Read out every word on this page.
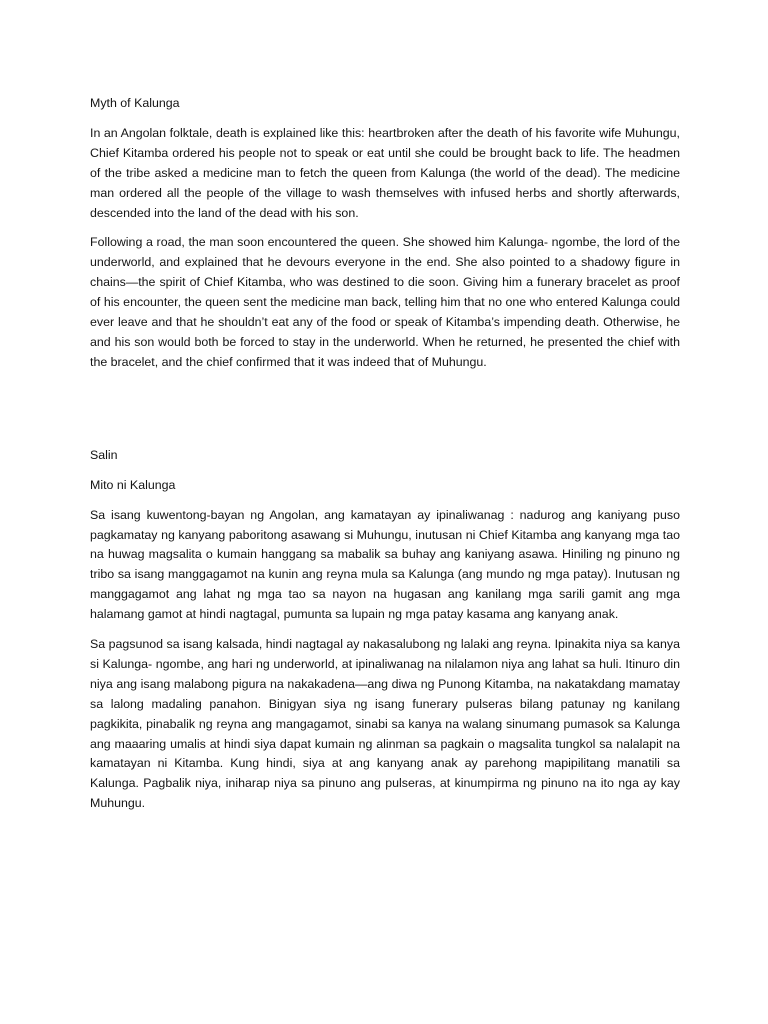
Myth of Kalunga

In an Angolan folktale, death is explained like this: heartbroken after the death of his favorite wife Muhungu, Chief Kitamba ordered his people not to speak or eat until she could be brought back to life. The headmen of the tribe asked a medicine man to fetch the queen from Kalunga (the world of the dead). The medicine man ordered all the people of the village to wash themselves with infused herbs and shortly afterwards, descended into the land of the dead with his son.

Following a road, the man soon encountered the queen. She showed him Kalunga- ngombe, the lord of the underworld, and explained that he devours everyone in the end. She also pointed to a shadowy figure in chains—the spirit of Chief Kitamba, who was destined to die soon. Giving him a funerary bracelet as proof of his encounter, the queen sent the medicine man back, telling him that no one who entered Kalunga could ever leave and that he shouldn’t eat any of the food or speak of Kitamba’s impending death. Otherwise, he and his son would both be forced to stay in the underworld. When he returned, he presented the chief with the bracelet, and the chief confirmed that it was indeed that of Muhungu.

Salin

Mito ni Kalunga

Sa isang kuwentong-bayan ng Angolan, ang kamatayan ay ipinaliwanag : nadurog ang kaniyang puso pagkamatay ng kanyang paboritong asawang si Muhungu, inutusan ni Chief Kitamba ang kanyang mga tao na huwag magsalita o kumain hanggang sa mabalik sa buhay ang kaniyang asawa. Hiniling ng pinuno ng tribo sa isang manggagamot na kunin ang reyna mula sa Kalunga (ang mundo ng mga patay). Inutusan ng manggagamot ang lahat ng mga tao sa nayon na hugasan ang kanilang mga sarili gamit ang mga halamang gamot at hindi nagtagal, pumunta sa lupain ng mga patay kasama ang kanyang anak.

Sa pagsunod sa isang kalsada, hindi nagtagal ay nakasalubong ng lalaki ang reyna. Ipinakita niya sa kanya si Kalunga- ngombe, ang hari ng underworld, at ipinaliwanag na nilalamon niya ang lahat sa huli. Itinuro din niya ang isang malabong pigura na nakakadena—ang diwa ng Punong Kitamba, na nakatakdang mamatay sa lalong madaling panahon. Binigyan siya ng isang funerary pulseras bilang patunay ng kanilang pagkikita, pinabalik ng reyna ang mangagamot, sinabi sa kanya na walang sinumang pumasok sa Kalunga ang maaaring umalis at hindi siya dapat kumain ng alinman sa pagkain o magsalita tungkol sa nalalapit na kamatayan ni Kitamba. Kung hindi, siya at ang kanyang anak ay parehong mapipilitang manatili sa Kalunga. Pagbalik niya, iniharap niya sa pinuno ang pulseras, at kinumpirma ng pinuno na ito nga ay kay Muhungu.
